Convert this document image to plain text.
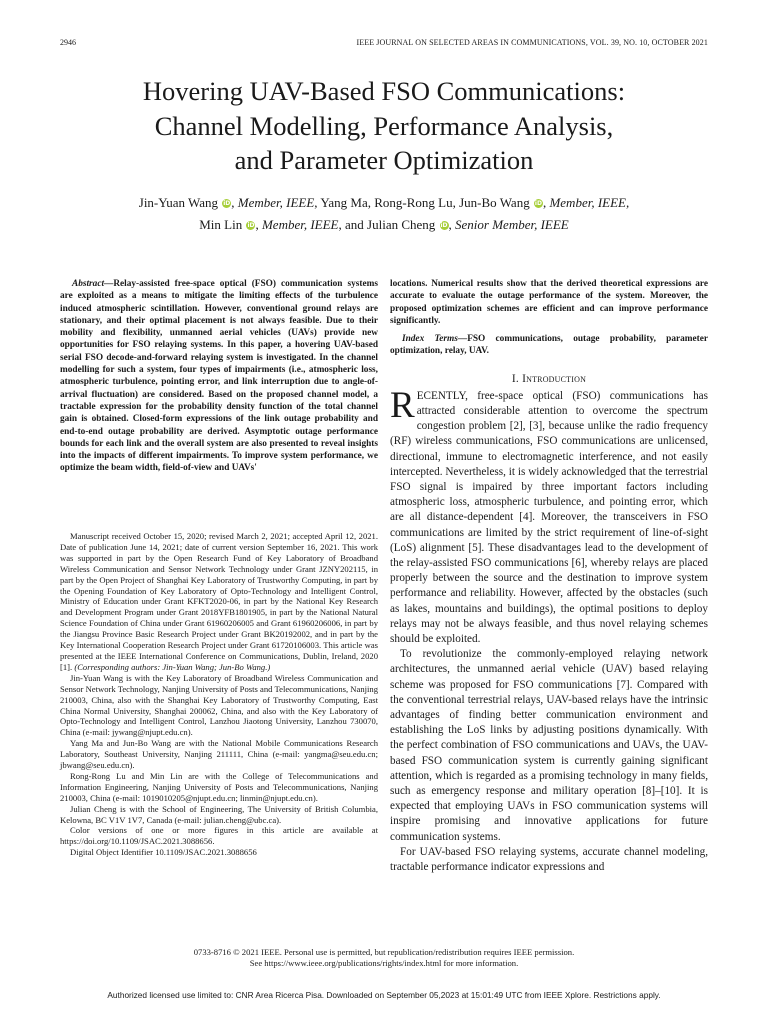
2946	IEEE JOURNAL ON SELECTED AREAS IN COMMUNICATIONS, VOL. 39, NO. 10, OCTOBER 2021
Hovering UAV-Based FSO Communications:
Channel Modelling, Performance Analysis,
and Parameter Optimization
Jin-Yuan Wang iD, Member, IEEE, Yang Ma, Rong-Rong Lu, Jun-Bo Wang iD, Member, IEEE,
Min Lin iD, Member, IEEE, and Julian Cheng iD, Senior Member, IEEE

Abstract—Relay-assisted free-space optical (FSO) communication systems are exploited as a means to mitigate the limiting effects of the turbulence induced atmospheric scintillation. However, conventional ground relays are stationary, and their optimal placement is not always feasible. Due to their mobility and flexibility, unmanned aerial vehicles (UAVs) provide new opportunities for FSO relaying systems. In this paper, a hovering UAV-based serial FSO decode-and-forward relaying system is investigated. In the channel modelling for such a system, four types of impairments (i.e., atmospheric loss, atmospheric turbulence, pointing error, and link interruption due to angle-of-arrival fluctuation) are considered. Based on the proposed channel model, a tractable expression for the probability density function of the total channel gain is obtained. Closed-form expressions of the link outage probability and end-to-end outage probability are derived. Asymptotic outage performance bounds for each link and the overall system are also presented to reveal insights into the impacts of different impairments. To improve system performance, we optimize the beam width, field-of-view and UAVs'

Manuscript received October 15, 2020; revised March 2, 2021; accepted April 12, 2021. Date of publication June 14, 2021; date of current version September 16, 2021. This work was supported in part by the Open Research Fund of Key Laboratory of Broadband Wireless Communication and Sensor Network Technology under Grant JZNY202115, in part by the Open Project of Shanghai Key Laboratory of Trustworthy Computing, in part by the Opening Foundation of Key Laboratory of Opto-Technology and Intelligent Control, Ministry of Education under Grant KFKT2020-06, in part by the National Key Research and Development Program under Grant 2018YFB1801905, in part by the National Natural Science Foundation of China under Grant 61960206005 and Grant 61960206006, in part by the Jiangsu Province Basic Research Project under Grant BK20192002, and in part by the Key International Cooperation Research Project under Grant 61720106003. This article was presented at the IEEE International Conference on Communications, Dublin, Ireland, 2020 [1]. (Corresponding authors: Jin-Yuan Wang; Jun-Bo Wang.)

Jin-Yuan Wang is with the Key Laboratory of Broadband Wireless Communication and Sensor Network Technology, Nanjing University of Posts and Telecommunications, Nanjing 210003, China, also with the Shanghai Key Laboratory of Trustworthy Computing, East China Normal University, Shanghai 200062, China, and also with the Key Laboratory of Opto-Technology and Intelligent Control, Lanzhou Jiaotong University, Lanzhou 730070, China (e-mail: jywang@njupt.edu.cn).

Yang Ma and Jun-Bo Wang are with the National Mobile Communications Research Laboratory, Southeast University, Nanjing 211111, China (e-mail: yangma@seu.edu.cn; jbwang@seu.edu.cn).

Rong-Rong Lu and Min Lin are with the College of Telecommunications and Information Engineering, Nanjing University of Posts and Telecommunications, Nanjing 210003, China (e-mail: 1019010205@njupt.edu.cn; linmin@njupt.edu.cn).

Julian Cheng is with the School of Engineering, The University of British Columbia, Kelowna, BC V1V 1V7, Canada (e-mail: julian.cheng@ubc.ca).

Color versions of one or more figures in this article are available at https://doi.org/10.1109/JSAC.2021.3088656.

Digital Object Identifier 10.1109/JSAC.2021.3088656

locations. Numerical results show that the derived theoretical expressions are accurate to evaluate the outage performance of the system. Moreover, the proposed optimization schemes are efficient and can improve performance significantly.

Index Terms—FSO communications, outage probability, parameter optimization, relay, UAV.

I. Introduction

RECENTLY, free-space optical (FSO) communications has attracted considerable attention to overcome the spectrum congestion problem [2], [3], because unlike the radio frequency (RF) wireless communications, FSO communications are unlicensed, directional, immune to electromagnetic interference, and not easily intercepted. Nevertheless, it is widely acknowledged that the terrestrial FSO signal is impaired by three important factors including atmospheric loss, atmospheric turbulence, and pointing error, which are all distance-dependent [4]. Moreover, the transceivers in FSO communications are limited by the strict requirement of line-of-sight (LoS) alignment [5]. These disadvantages lead to the development of the relay-assisted FSO communications [6], whereby relays are placed properly between the source and the destination to improve system performance and reliability. However, affected by the obstacles (such as lakes, mountains and buildings), the optimal positions to deploy relays may not be always feasible, and thus novel relaying schemes should be exploited.

To revolutionize the commonly-employed relaying network architectures, the unmanned aerial vehicle (UAV) based relaying scheme was proposed for FSO communications [7]. Compared with the conventional terrestrial relays, UAV-based relays have the intrinsic advantages of finding better communication environment and establishing the LoS links by adjusting positions dynamically. With the perfect combination of FSO communications and UAVs, the UAV-based FSO communication system is currently gaining significant attention, which is regarded as a promising technology in many fields, such as emergency response and military operation [8]–[10]. It is expected that employing UAVs in FSO communication systems will inspire promising and innovative applications for future communication systems.

For UAV-based FSO relaying systems, accurate channel modeling, tractable performance indicator expressions and

0733-8716 © 2021 IEEE. Personal use is permitted, but republication/redistribution requires IEEE permission.
See https://www.ieee.org/publications/rights/index.html for more information.
Authorized licensed use limited to: CNR Area Ricerca Pisa. Downloaded on September 05,2023 at 15:01:49 UTC from IEEE Xplore. Restrictions apply.
